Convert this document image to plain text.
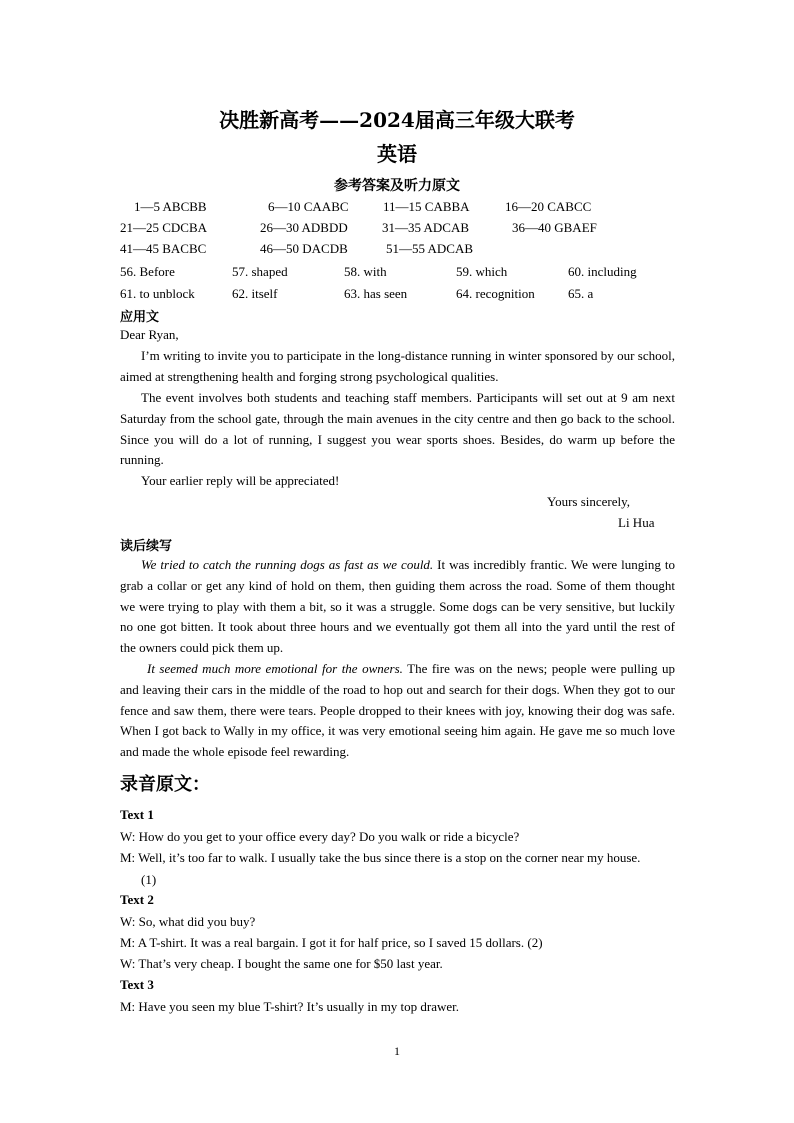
决胜新高考——2024届高三年级大联考
英语
参考答案及听力原文
1—5 ABCBB	6—10 CAABC	11—15 CABBA	16—20 CABCC
21—25 CDCBA	26—30 ADBDD	31—35 ADCAB	36—40 GBAEF
41—45 BACBC	46—50 DACDB	51—55 ADCAB
56. Before	57. shaped	58. with	59. which	60. including
61. to unblock	62. itself	63. has seen	64. recognition	65. a
应用文
Dear Ryan,
I’m writing to invite you to participate in the long-distance running in winter sponsored by our school, aimed at strengthening health and forging strong psychological qualities.
The event involves both students and teaching staff members. Participants will set out at 9 am next Saturday from the school gate, through the main avenues in the city centre and then go back to the school. Since you will do a lot of running, I suggest you wear sports shoes. Besides, do warm up before the running.
Your earlier reply will be appreciated!
Yours sincerely,
Li Hua
读后续写
We tried to catch the running dogs as fast as we could. It was incredibly frantic. We were lunging to grab a collar or get any kind of hold on them, then guiding them across the road. Some of them thought we were trying to play with them a bit, so it was a struggle. Some dogs can be very sensitive, but luckily no one got bitten. It took about three hours and we eventually got them all into the yard until the rest of the owners could pick them up.
It seemed much more emotional for the owners. The fire was on the news; people were pulling up and leaving their cars in the middle of the road to hop out and search for their dogs. When they got to our fence and saw them, there were tears. People dropped to their knees with joy, knowing their dog was safe. When I got back to Wally in my office, it was very emotional seeing him again. He gave me so much love and made the whole episode feel rewarding.
录音原文：
Text 1
W: How do you get to your office every day? Do you walk or ride a bicycle?
M: Well, it’s too far to walk. I usually take the bus since there is a stop on the corner near my house.
(1)
Text 2
W: So, what did you buy?
M: A T-shirt. It was a real bargain. I got it for half price, so I saved 15 dollars. (2)
W: That’s very cheap. I bought the same one for $50 last year.
Text 3
M: Have you seen my blue T-shirt? It’s usually in my top drawer.
1
